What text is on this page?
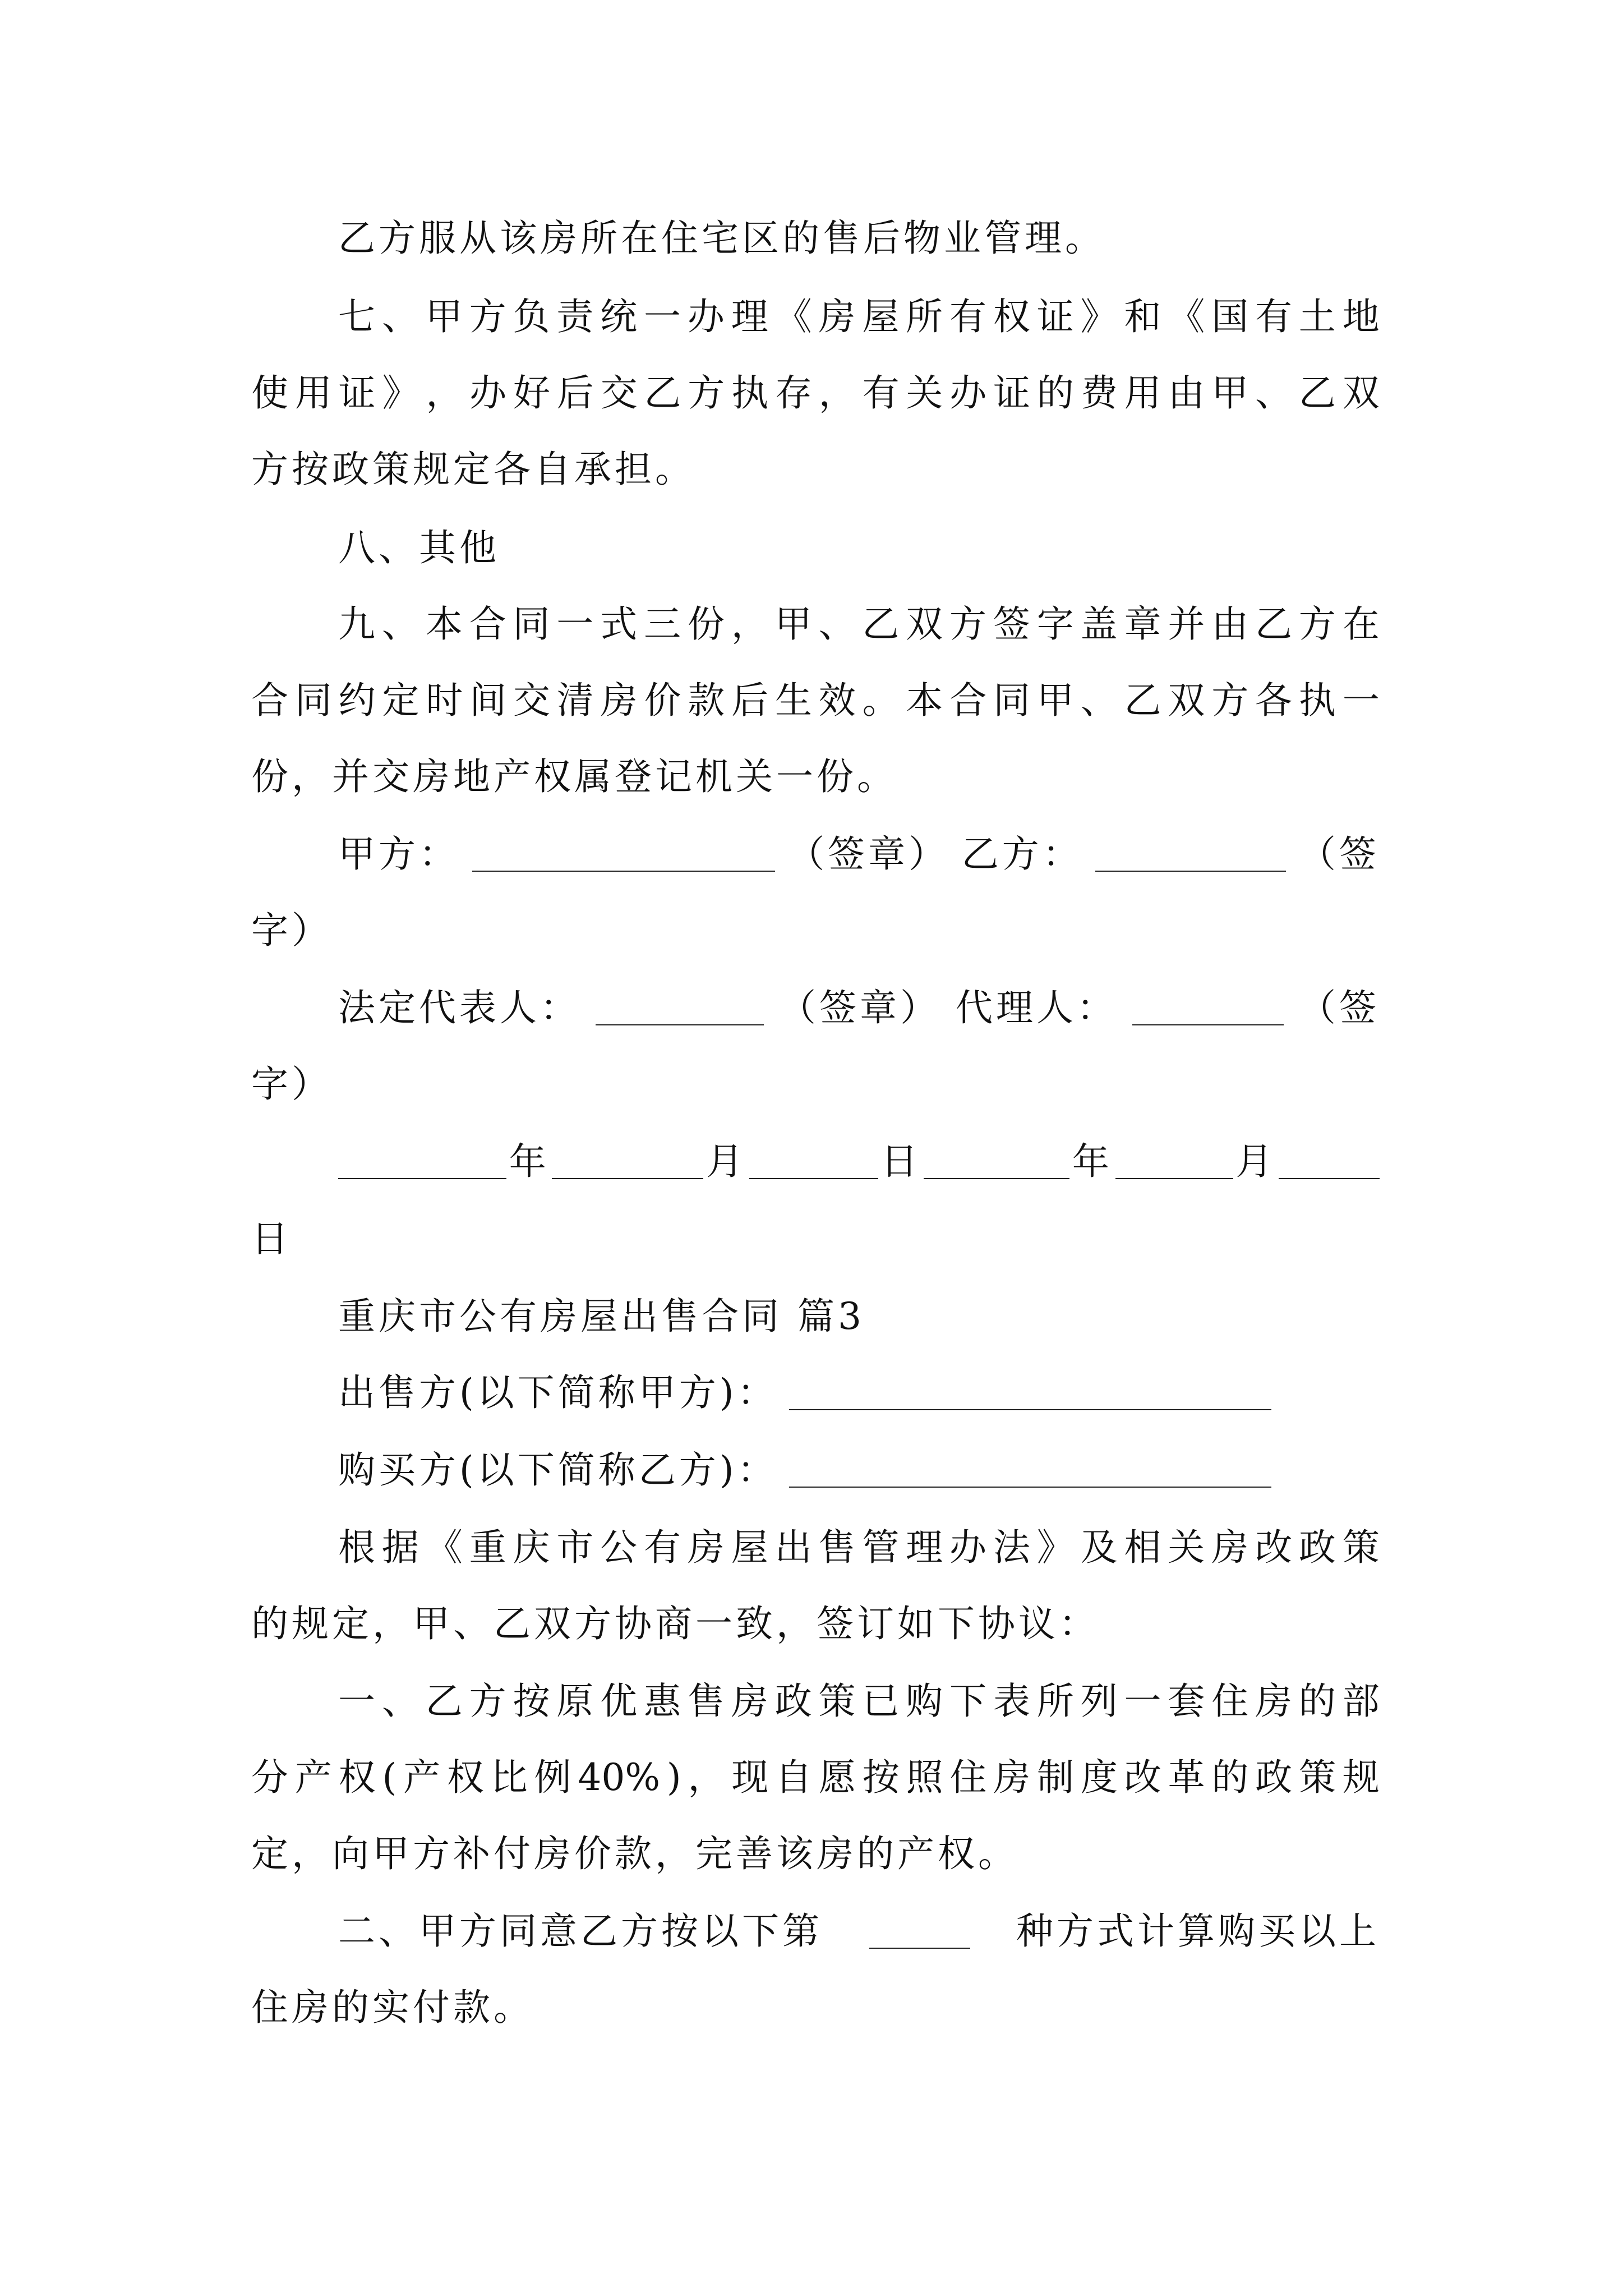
乙方服从该房所在住宅区的售后物业管理。
七 、 甲 方 负 责 统 一 办 理 《 房 屋 所 有 权 证 》 和 《 国 有 土 地
使 用 证 》 ， 办 好 后 交 乙 方 执 存 ， 有 关 办 证 的 费 用 由 甲 、 乙 双
方按政策规定各自承担。
八、其他
九 、 本 合 同 一 式 三 份 ， 甲 、 乙 双 方 签 字 盖 章 并 由 乙 方 在
合 同 约 定 时 间 交 清 房 价 款 后 生 效 。 本 合 同 甲 、 乙 双 方 各 执 一
份，并交房地产权属登记机关一份。
甲方：	（签章） 乙方：	（签
字）
法定代表人：	（签章） 代理人：	（签
字）
年	月	日	年	月
日
重庆市公有房屋出售合同 篇3
出售方(以下简称甲方)：
购买方(以下简称乙方)：
根 据 《 重 庆 市 公 有 房 屋 出 售 管 理 办 法 》 及 相 关 房 改 政 策
的规定，甲、乙双方协商一致，签订如下协议：
一 、 乙 方 按 原 优 惠 售 房 政 策 已 购 下 表 所 列 一 套 住 房 的 部
分 产 权 ( 产 权 比 例 40% ) ， 现 自 愿 按 照 住 房 制 度 改 革 的 政 策 规
定，向甲方补付房价款，完善该房的产权。
二、甲方同意乙方按以下第	种方式计算购买以上
住房的实付款。
